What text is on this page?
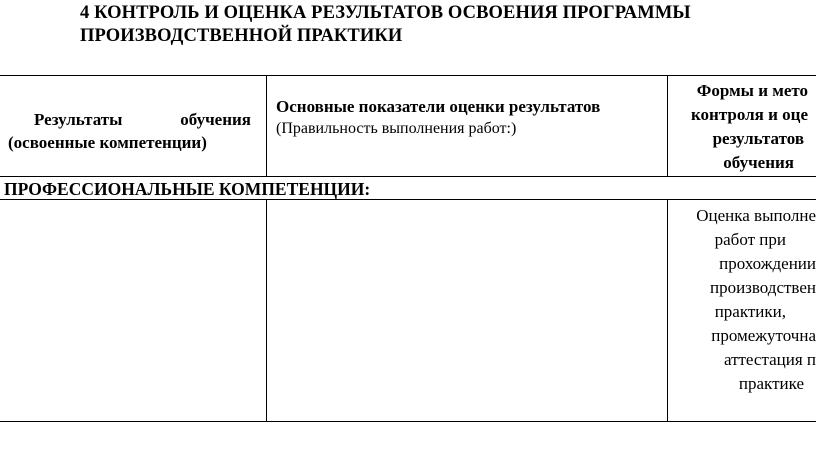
4 КОНТРОЛЬ И ОЦЕНКА РЕЗУЛЬТАТОВ ОСВОЕНИЯ ПРОГРАММЫ
ПРОИЗВОДСТВЕННОЙ ПРАКТИКИ
Результаты	обучения
(освоенные компетенции)
Основные показатели оценки результатов
(Правильность выполнения работ:)
Формы и мето
контроля и оце
результатов
обучения
ПРОФЕССИОНАЛЬНЫЕ КОМПЕТЕНЦИИ:
Оценка выполне
работ при
прохождении
производствен
практики,
промежуточна
аттестация п
практике
